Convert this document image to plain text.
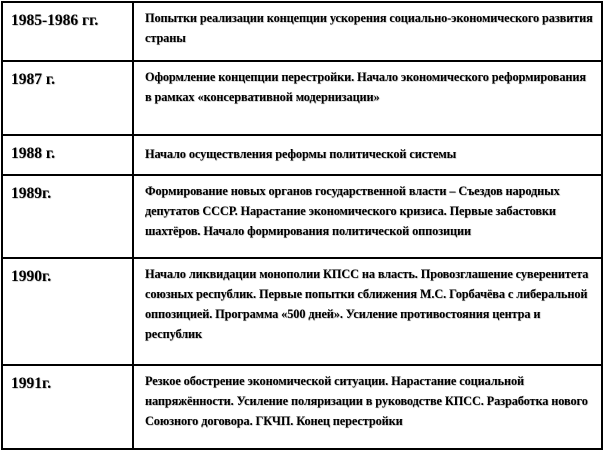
1985-1986 гг.	Попытки реализации концепции ускорения социально-экономического развития страны
1987 г.	Оформление концепции перестройки. Начало экономического реформирования в рамках «консервативной модернизации»
1988 г.	Начало осуществления реформы политической системы
1989г.	Формирование новых органов государственной власти – Съездов народных депутатов СССР. Нарастание экономического кризиса. Первые забастовки шахтёров. Начало формирования политической оппозиции
1990г.	Начало ликвидации монополии КПСС на власть. Провозглашение суверенитета союзных республик. Первые попытки сближения М.С. Горбачёва с либеральной оппозицией. Программа «500 дней». Усиление противостояния центра и республик
1991г.	Резкое обострение экономической ситуации. Нарастание социальной напряжённости. Усиление поляризации в руководстве КПСС. Разработка нового Союзного договора. ГКЧП. Конец перестройки
